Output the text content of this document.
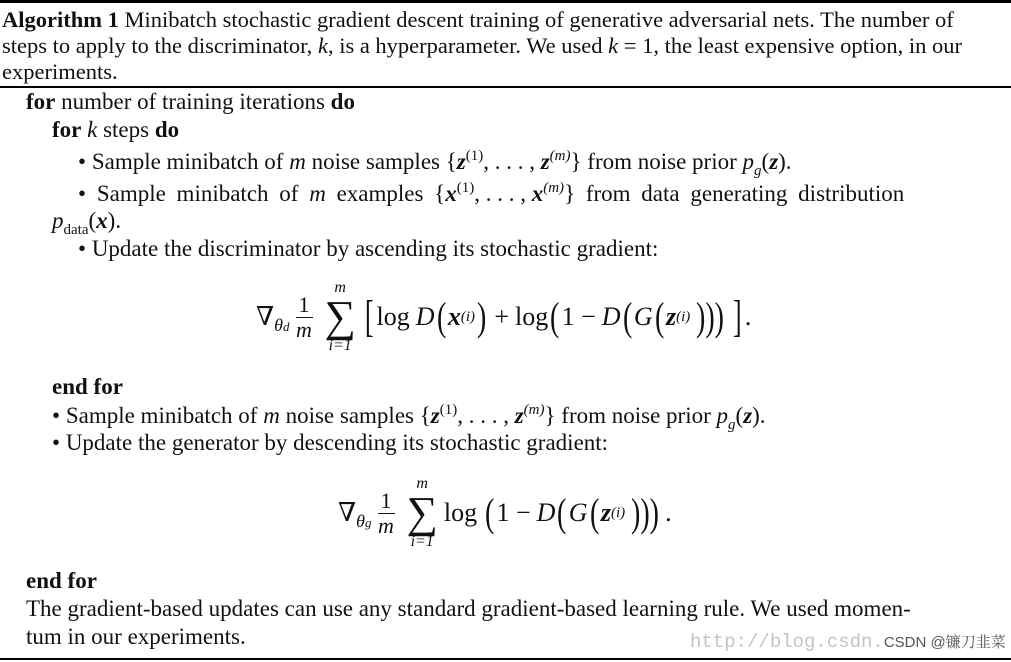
Algorithm 1 Minibatch stochastic gradient descent training of generative adversarial nets. The number of
steps to apply to the discriminator, k, is a hyperparameter. We used k = 1, the least expensive option, in our
experiments.
for number of training iterations do
for k steps do
• Sample minibatch of m noise samples {$z^{(1)}$, . . . , $z^{(m)}$} from noise prior $p_g(z)$.
• Sample minibatch of m examples {$x^{(1)}$, . . . , $x^{(m)}$} from data generating distribution
$p_{data}(x)$.
• Update the discriminator by ascending its stochastic gradient:
∇ θd $\frac{1}{m}$
m
∑
i=1
[ log D ( x (i) ) + log ( 1 − D ( G ( z (i) ))) ] .
end for
• Sample minibatch of m noise samples {$z^{(1)}$, . . . , $z^{(m)}$} from noise prior $p_g(z)$.
• Update the generator by descending its stochastic gradient:
∇ θg $\frac{1}{m}$
m
∑
i=1
log ( 1 − D ( G ( z (i) ))) .
end for
The gradient-based updates can use any standard gradient-based learning rule. We used momen-
tum in our experiments.	http://blog.csdn.CSDN @镰刀韭菜
